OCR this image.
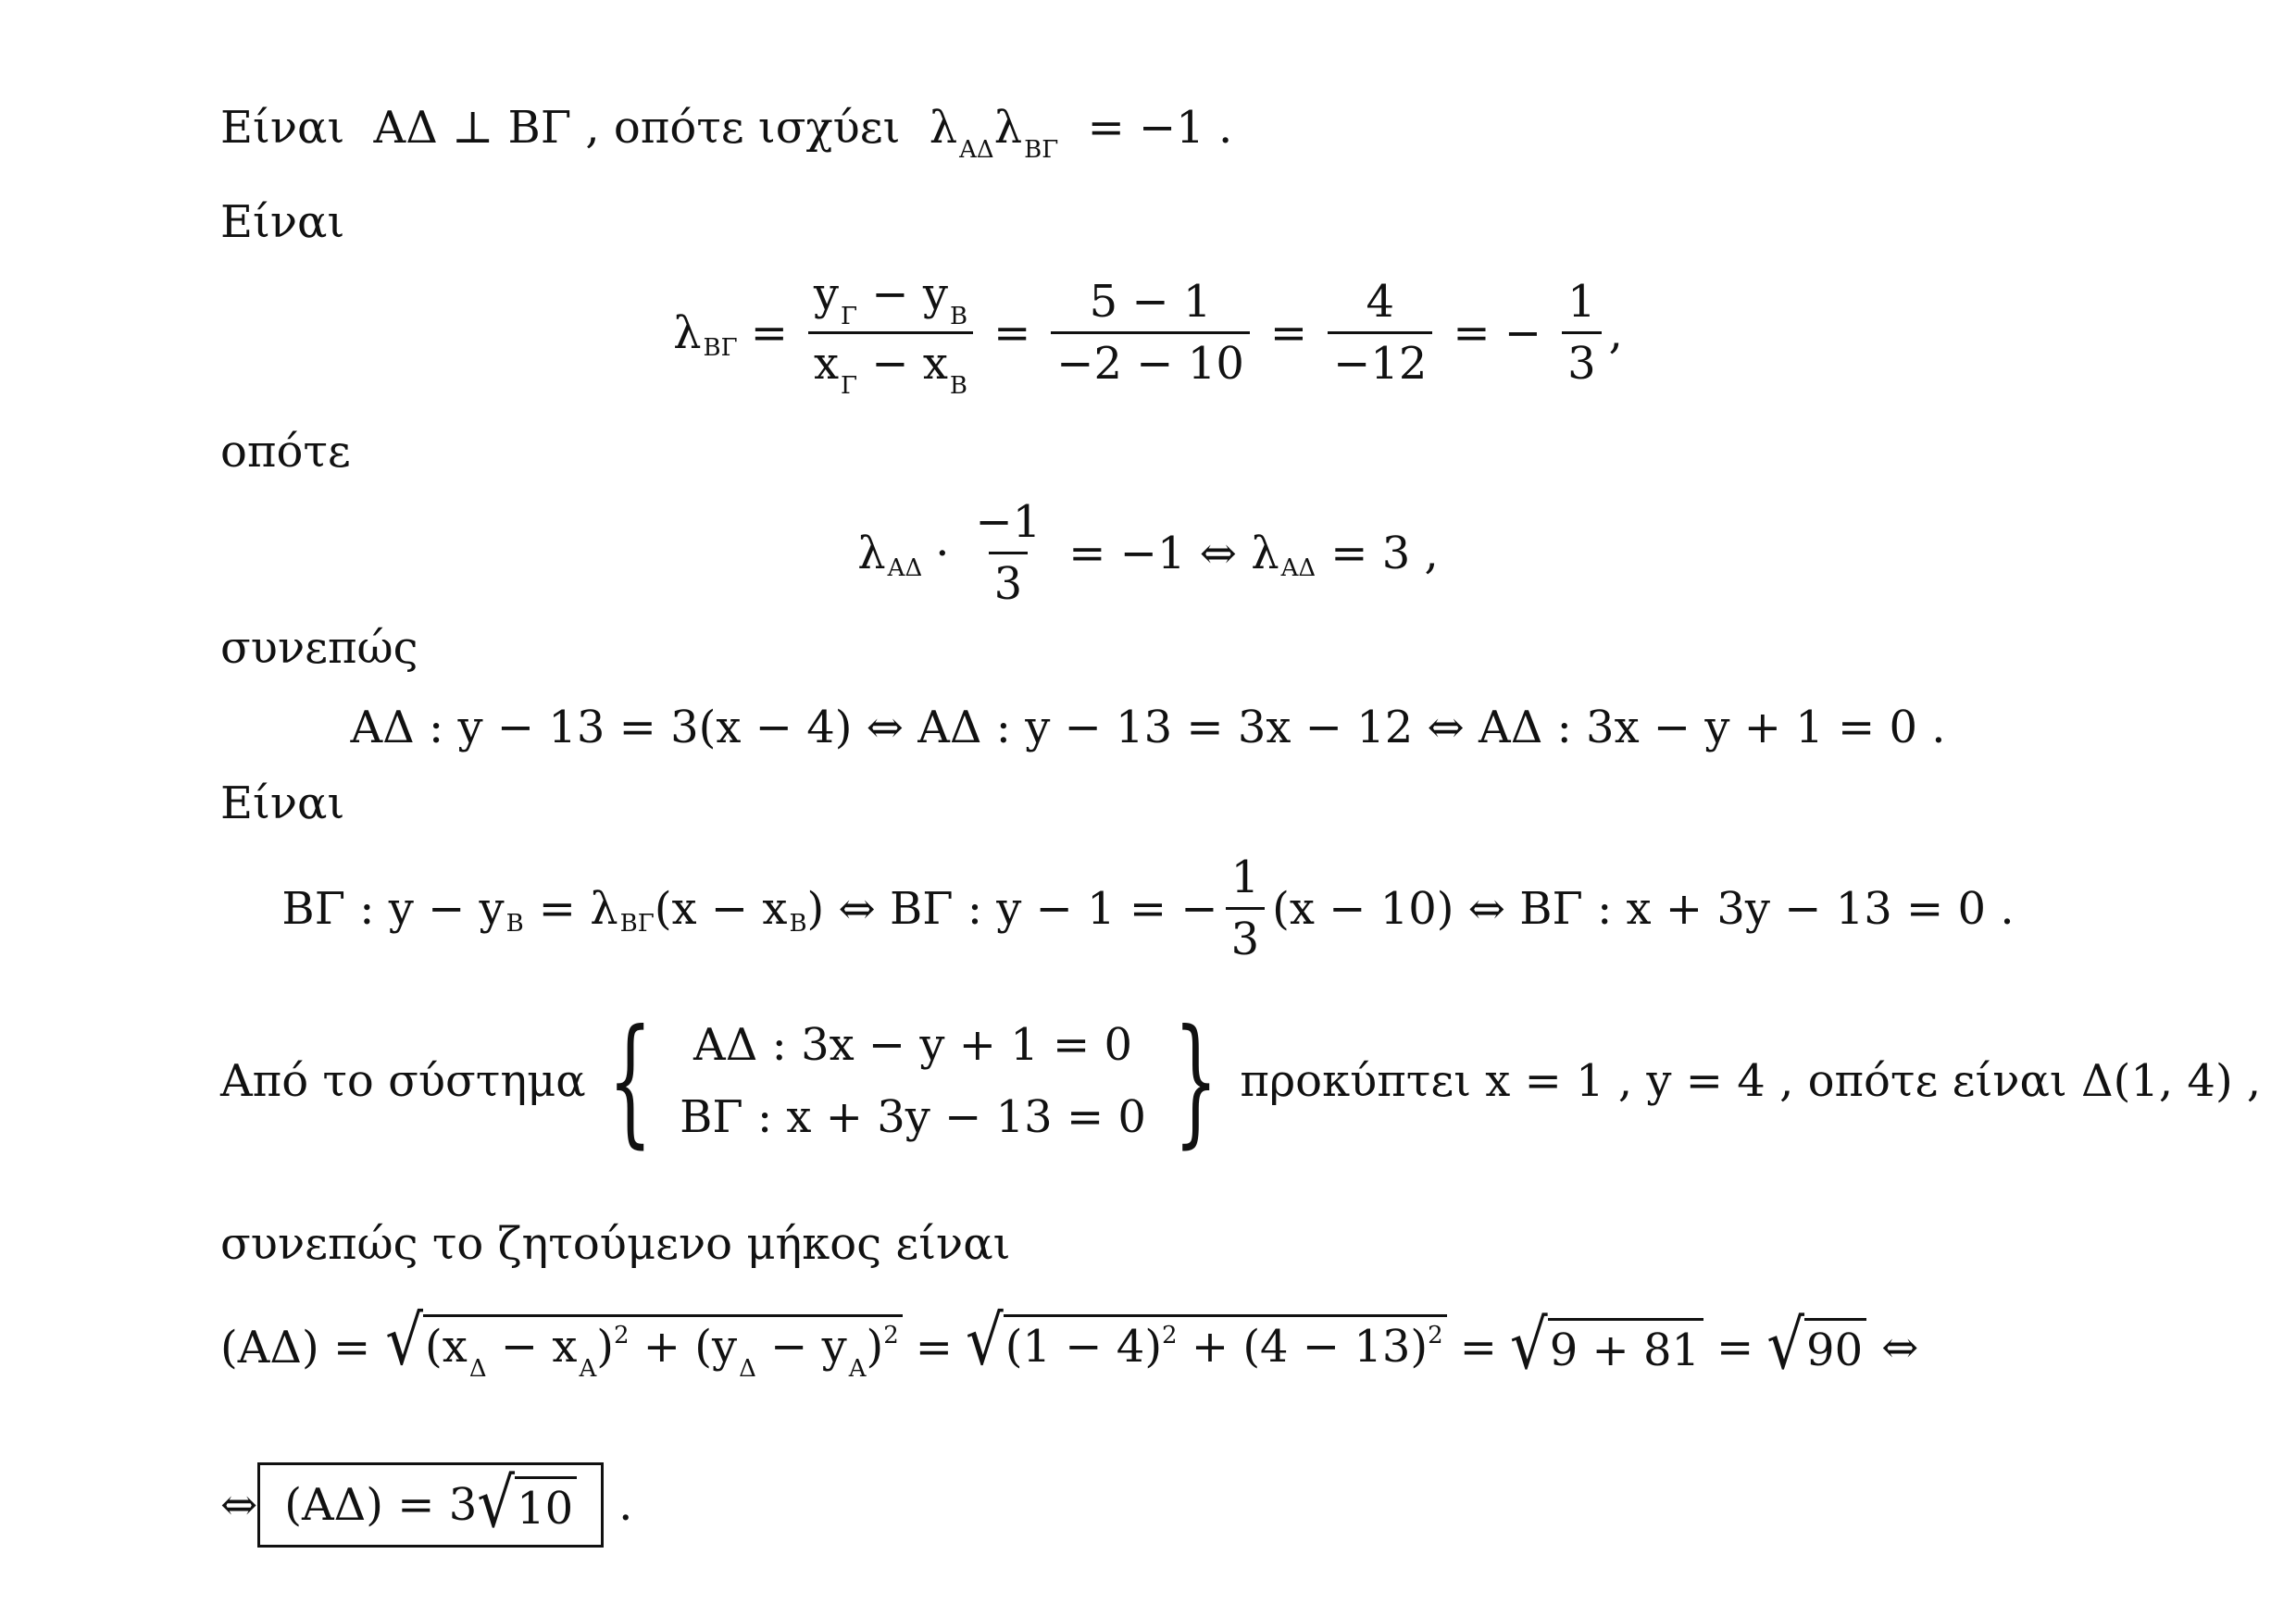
Είναι ΑΔ ⊥ ΒΓ , οπότε ισχύει $\lambda_{A\Delta}\lambda_{B\Gamma} = -1$ .
Είναι
λ $B\Gamma = \frac{y_\Gamma - y_B}{x_\Gamma - x_B} = \frac{5 - 1}{-2 - 10} = \frac{4}{-12}$ = − $\frac{1}{3}$ ,
οπότε
λ $A\Delta \cdot \frac{-1}{3} = -1$ ⇔ λ ΑΔ = 3 ,
συνεπώς
ΑΔ : y − 13 = 3(x − 4) ⇔ ΑΔ : y − 13 = 3x − 12 ⇔ ΑΔ : 3x − y + 1 = 0 .
Είναι
ΒΓ : y − y Β = λ ΒΓ (x − x Β ) ⇔ ΒΓ : y − 1 = − $\frac{1}{3} (x - 10)$ ⇔ ΒΓ : x + 3y − 13 = 0 .
Από το σύστημα { ΑΔ : 3x − y + 1 = 0
ΒΓ : x + 3y − 13 = 0 } προκύπτει x = 1 , y = 4 , οπότε είναι Δ(1, 4) ,
συνεπώς το ζητούμενο μήκος είναι
(ΑΔ) = √ $(x_\Delta - x_A)^2 + (y_\Delta - y_A)^2$ = √ $(1 - 4)^2 + (4 - 13)^2$ = √ 9 + 81 = √ 90 ⇔
⇔ (ΑΔ) = 3 √ 10 .
